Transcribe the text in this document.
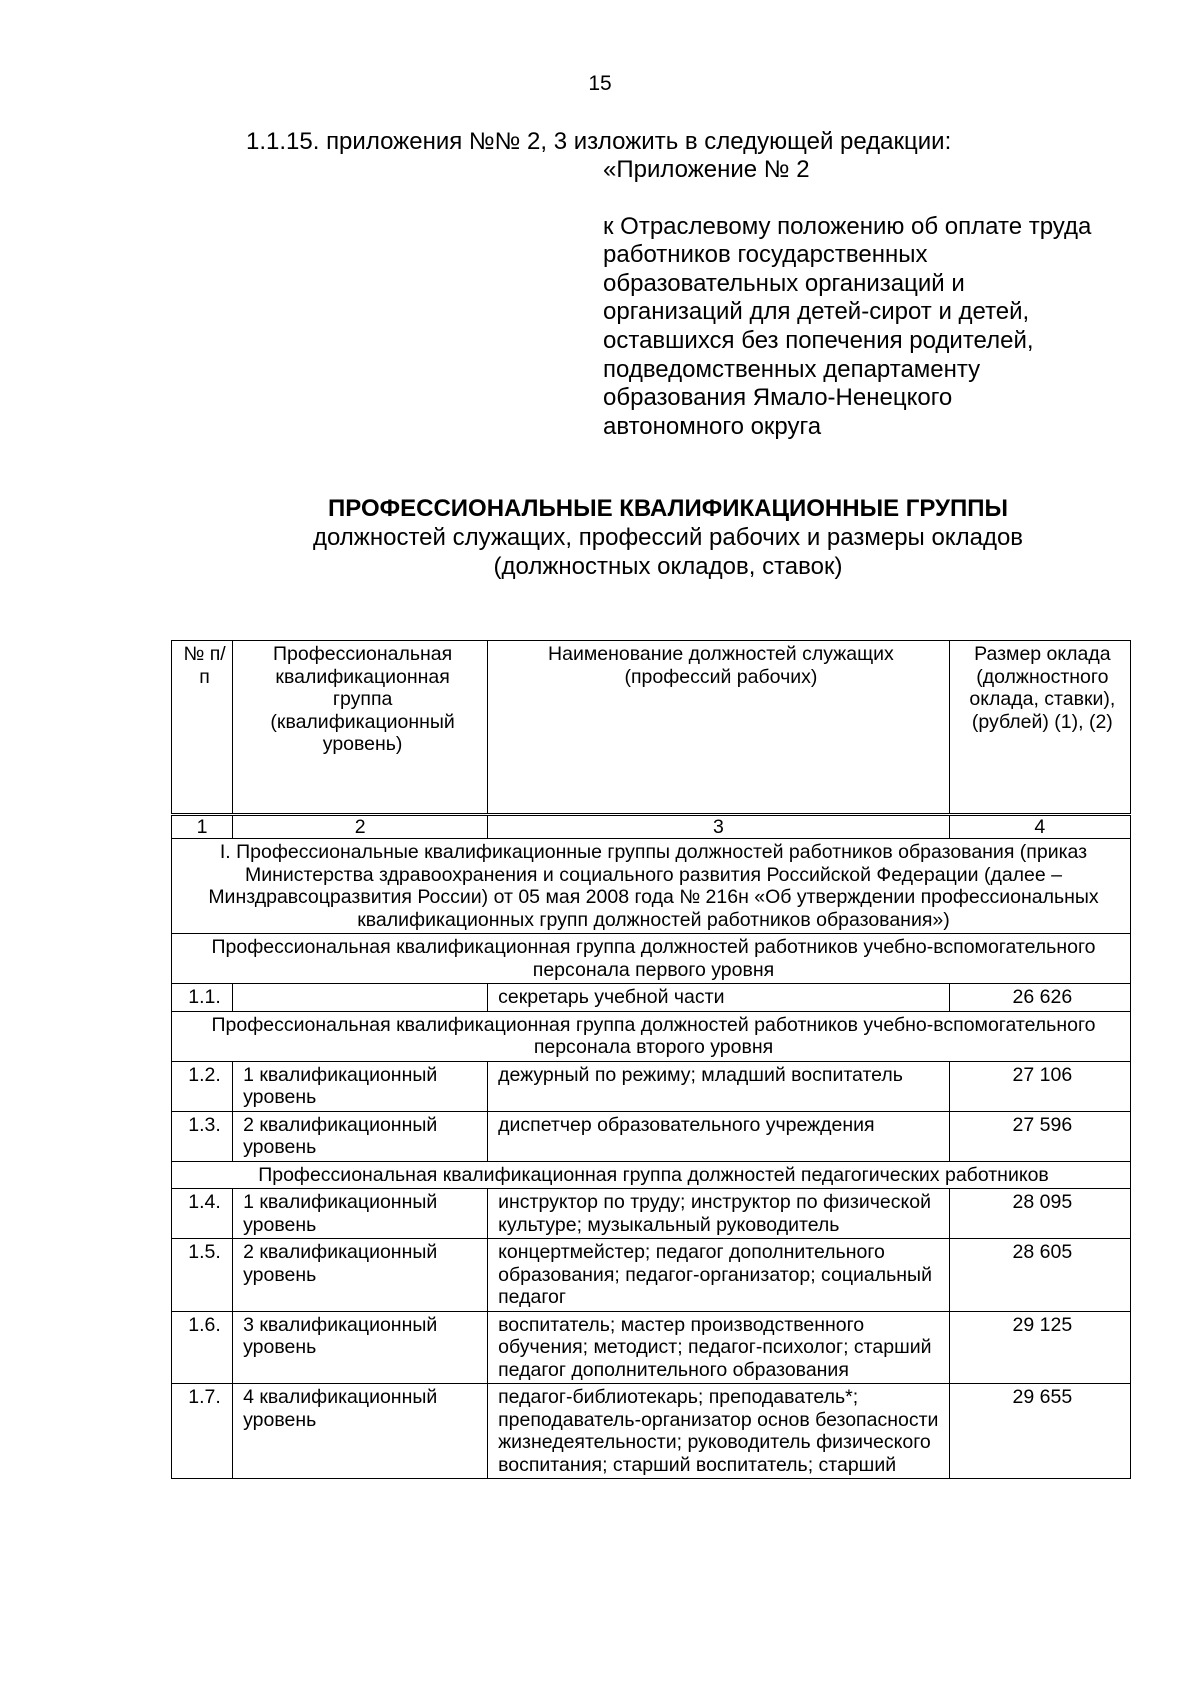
15
1.1.15. приложения №№ 2, 3 изложить в следующей редакции:
«Приложение № 2
к Отраслевому положению об оплате труда
работников государственных
образовательных организаций и
организаций для детей-сирот и детей,
оставшихся без попечения родителей,
подведомственных департаменту
образования Ямало-Ненецкого
автономного округа
ПРОФЕССИОНАЛЬНЫЕ КВАЛИФИКАЦИОННЫЕ ГРУППЫ
должностей служащих, профессий рабочих и размеры окладов
(должностных окладов, ставок)
№ п/п	Профессиональная квалификационная группа (квалификационный уровень)	Наименование должностей служащих (профессий рабочих)	Размер оклада (должностного оклада, ставки), (рублей) (1), (2)
1	2	3	4
I. Профессиональные квалификационные группы должностей работников образования (приказ Министерства здравоохранения и социального развития Российской Федерации (далее – Минздравсоцразвития России) от 05 мая 2008 года № 216н «Об утверждении профессиональных квалификационных групп должностей работников образования»)			
Профессиональная квалификационная группа должностей работников учебно-вспомогательного персонала первого уровня			
1.1.		секретарь учебной части	26 626
Профессиональная квалификационная группа должностей работников учебно-вспомогательного персонала второго уровня			
1.2.	1 квалификационный уровень	дежурный по режиму; младший воспитатель	27 106
1.3.	2 квалификационный уровень	диспетчер образовательного учреждения	27 596
Профессиональная квалификационная группа должностей педагогических работников			
1.4.	1 квалификационный уровень	инструктор по труду; инструктор по физической культуре; музыкальный руководитель	28 095
1.5.	2 квалификационный уровень	концертмейстер; педагог дополнительного образования; педагог-организатор; социальный педагог	28 605
1.6.	3 квалификационный уровень	воспитатель; мастер производственного обучения; методист; педагог-психолог; старший педагог дополнительного образования	29 125
1.7.	4 квалификационный уровень	педагог-библиотекарь; преподаватель*; преподаватель-организатор основ безопасности жизнедеятельности; руководитель физического воспитания; старший воспитатель; старший	29 655
